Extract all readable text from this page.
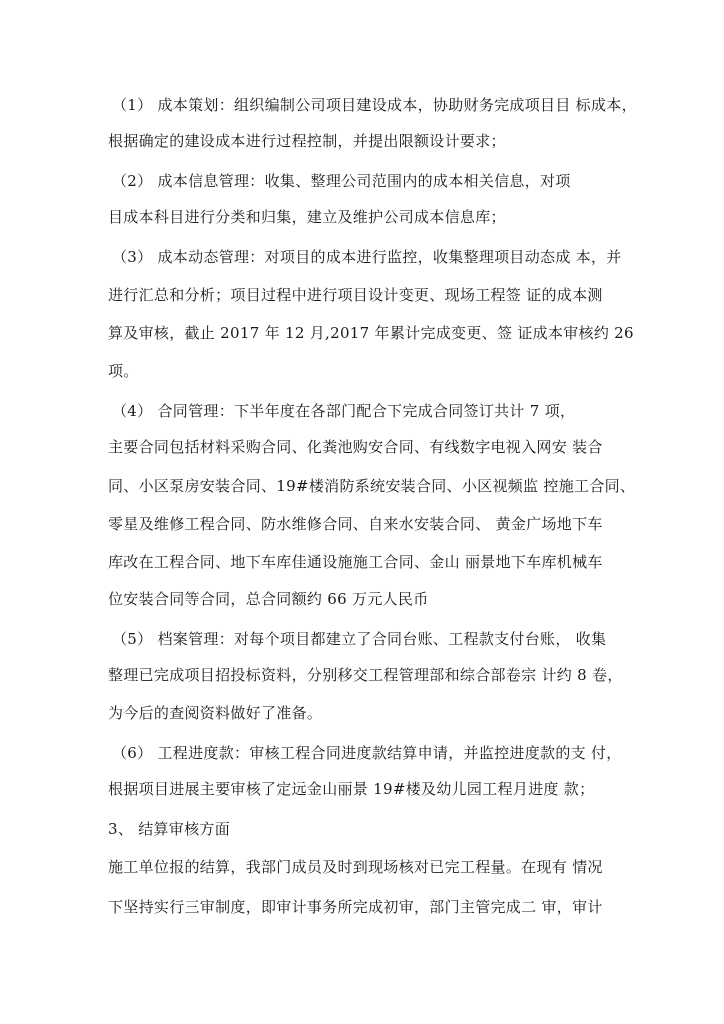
（1） 成本策划：组织编制公司项目建设成本，协助财务完成项目目 标成本，
根据确定的建设成本进行过程控制，并提出限额设计要求；
（2） 成本信息管理：收集、整理公司范围内的成本相关信息，对项
目成本科目进行分类和归集，建立及维护公司成本信息库；
（3） 成本动态管理：对项目的成本进行监控，收集整理项目动态成 本，并
进行汇总和分析；项目过程中进行项目设计变更、现场工程签 证的成本测
算及审核，截止 2017 年 12 月,2017 年累计完成变更、签 证成本审核约 26
项。
（4） 合同管理：下半年度在各部门配合下完成合同签订共计 7 项，
主要合同包括材料采购合同、化粪池购安合同、有线数字电视入网安 装合
同、小区泵房安装合同、19#楼消防系统安装合同、小区视频监 控施工合同、
零星及维修工程合同、防水维修合同、自来水安装合同、 黄金广场地下车
库改在工程合同、地下车库佳通设施施工合同、金山 丽景地下车库机械车
位安装合同等合同，总合同额约 66 万元人民币
（5） 档案管理：对每个项目都建立了合同台账、工程款支付台账， 收集
整理已完成项目招投标资料，分别移交工程管理部和综合部卷宗 计约 8 卷，
为今后的查阅资料做好了准备。
（6） 工程进度款：审核工程合同进度款结算申请，并监控进度款的支 付，
根据项目进展主要审核了定远金山丽景 19#楼及幼儿园工程月进度 款；
3、 结算审核方面
施工单位报的结算，我部门成员及时到现场核对已完工程量。在现有 情况
下坚持实行三审制度，即审计事务所完成初审，部门主管完成二 审，审计
